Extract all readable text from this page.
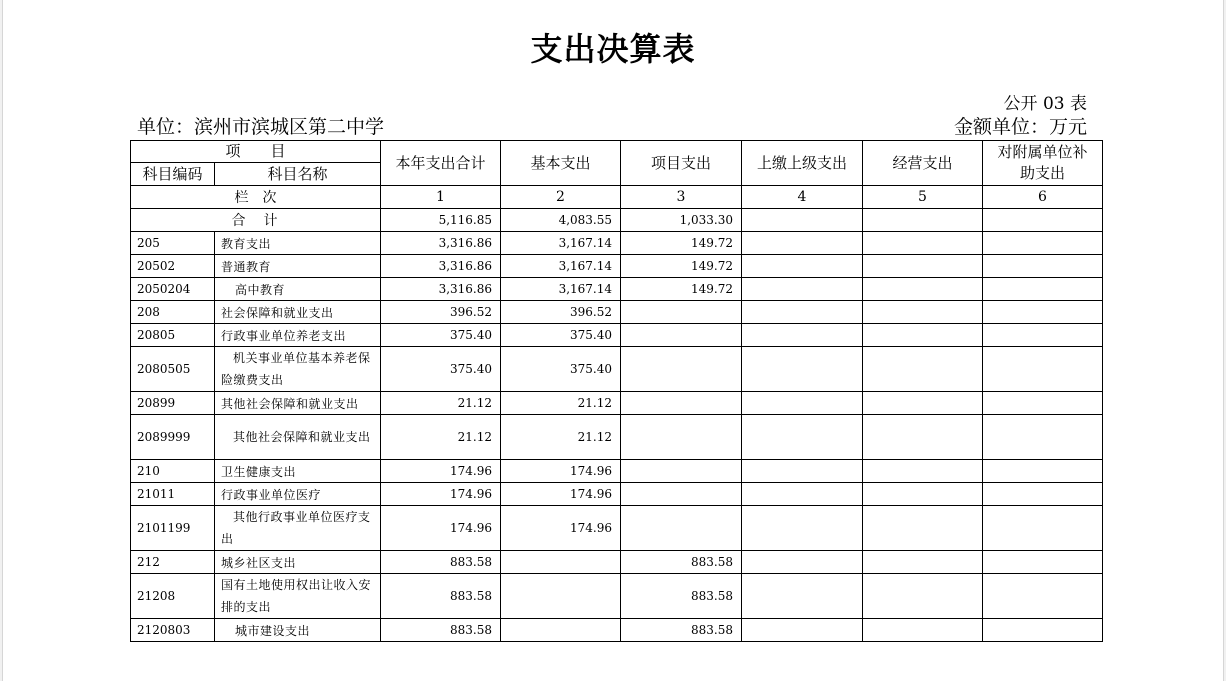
支出决算表
公开 03 表
单位：滨州市滨城区第二中学	金额单位：万元
项　　目		本年支出合计	基本支出	项目支出	上缴上级支出	经营支出	对附属单位补助支出
科目编码	科目名称						
栏　次		1	2	3	4	5	6
合　计		5,116.85	4,083.55	1,033.30			
205	教育支出	3,316.86	3,167.14	149.72			
20502	普通教育	3,316.86	3,167.14	149.72			
2050204	高中教育	3,316.86	3,167.14	149.72			
208	社会保障和就业支出	396.52	396.52				
20805	行政事业单位养老支出	375.40	375.40				
2080505	机关事业单位基本养老保险缴费支出	375.40	375.40				
20899	其他社会保障和就业支出	21.12	21.12				
2089999	其他社会保障和就业支出	21.12	21.12				
210	卫生健康支出	174.96	174.96				
21011	行政事业单位医疗	174.96	174.96				
2101199	其他行政事业单位医疗支出	174.96	174.96				
212	城乡社区支出	883.58		883.58			
21208	国有土地使用权出让收入安排的支出	883.58		883.58			
2120803	城市建设支出	883.58		883.58			
